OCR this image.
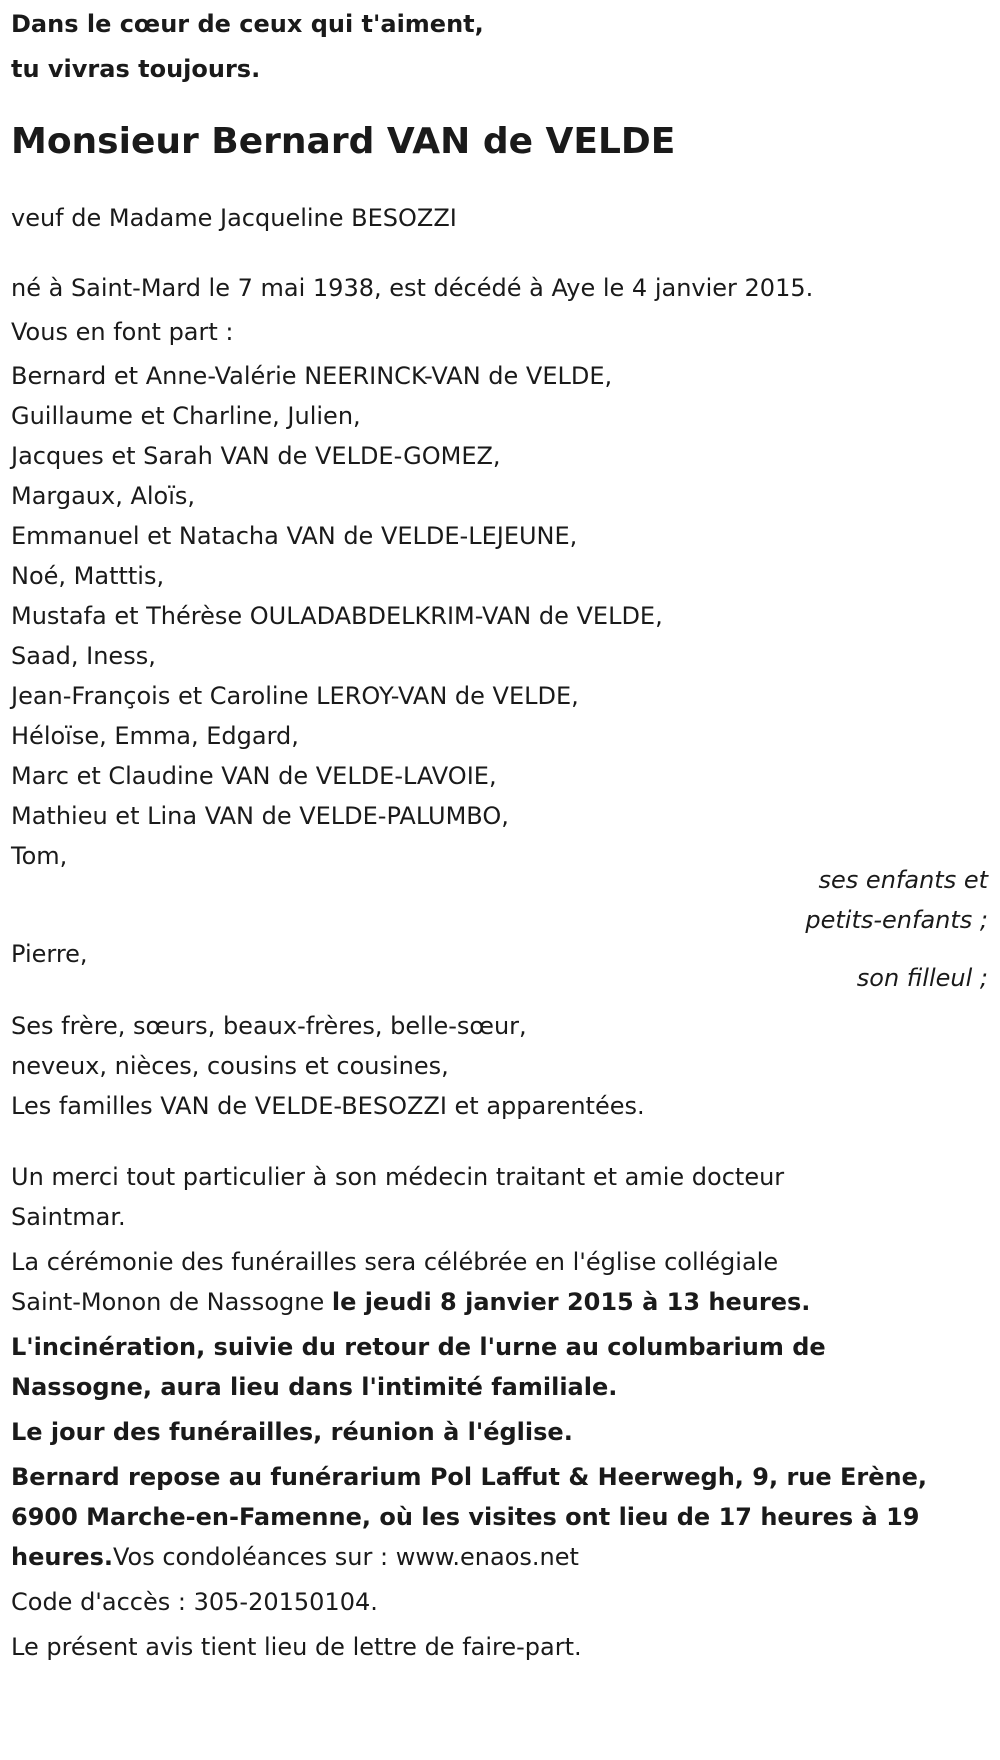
Dans le cœur de ceux qui t'aiment,
tu vivras toujours.
Monsieur Bernard VAN de VELDE
veuf de Madame Jacqueline BESOZZI
né à Saint-Mard le 7 mai 1938, est décédé à Aye le 4 janvier 2015.
Vous en font part :
Bernard et Anne-Valérie NEERINCK-VAN de VELDE,
Guillaume et Charline, Julien,
Jacques et Sarah VAN de VELDE-GOMEZ,
Margaux, Aloïs,
Emmanuel et Natacha VAN de VELDE-LEJEUNE,
Noé, Matttis,
Mustafa et Thérèse OULADABDELKRIM-VAN de VELDE,
Saad, Iness,
Jean-François et Caroline LEROY-VAN de VELDE,
Héloïse, Emma, Edgard,
Marc et Claudine VAN de VELDE-LAVOIE,
Mathieu et Lina VAN de VELDE-PALUMBO,
Tom,
ses enfants et
petits-enfants ;
Pierre,
son filleul ;
Ses frère, sœurs, beaux-frères, belle-sœur,
neveux, nièces, cousins et cousines,
Les familles VAN de VELDE-BESOZZI et apparentées.
Un merci tout particulier à son médecin traitant et amie docteur
Saintmar.
La cérémonie des funérailles sera célébrée en l'église collégiale
Saint-Monon de Nassogne le jeudi 8 janvier 2015 à 13 heures.
L'incinération, suivie du retour de l'urne au columbarium de
Nassogne, aura lieu dans l'intimité familiale.
Le jour des funérailles, réunion à l'église.
Bernard repose au funérarium Pol Laffut & Heerwegh, 9, rue Erène,
6900 Marche-en-Famenne, où les visites ont lieu de 17 heures à 19
heures.Vos condoléances sur : www.enaos.net
Code d'accès : 305-20150104.
Le présent avis tient lieu de lettre de faire-part.
